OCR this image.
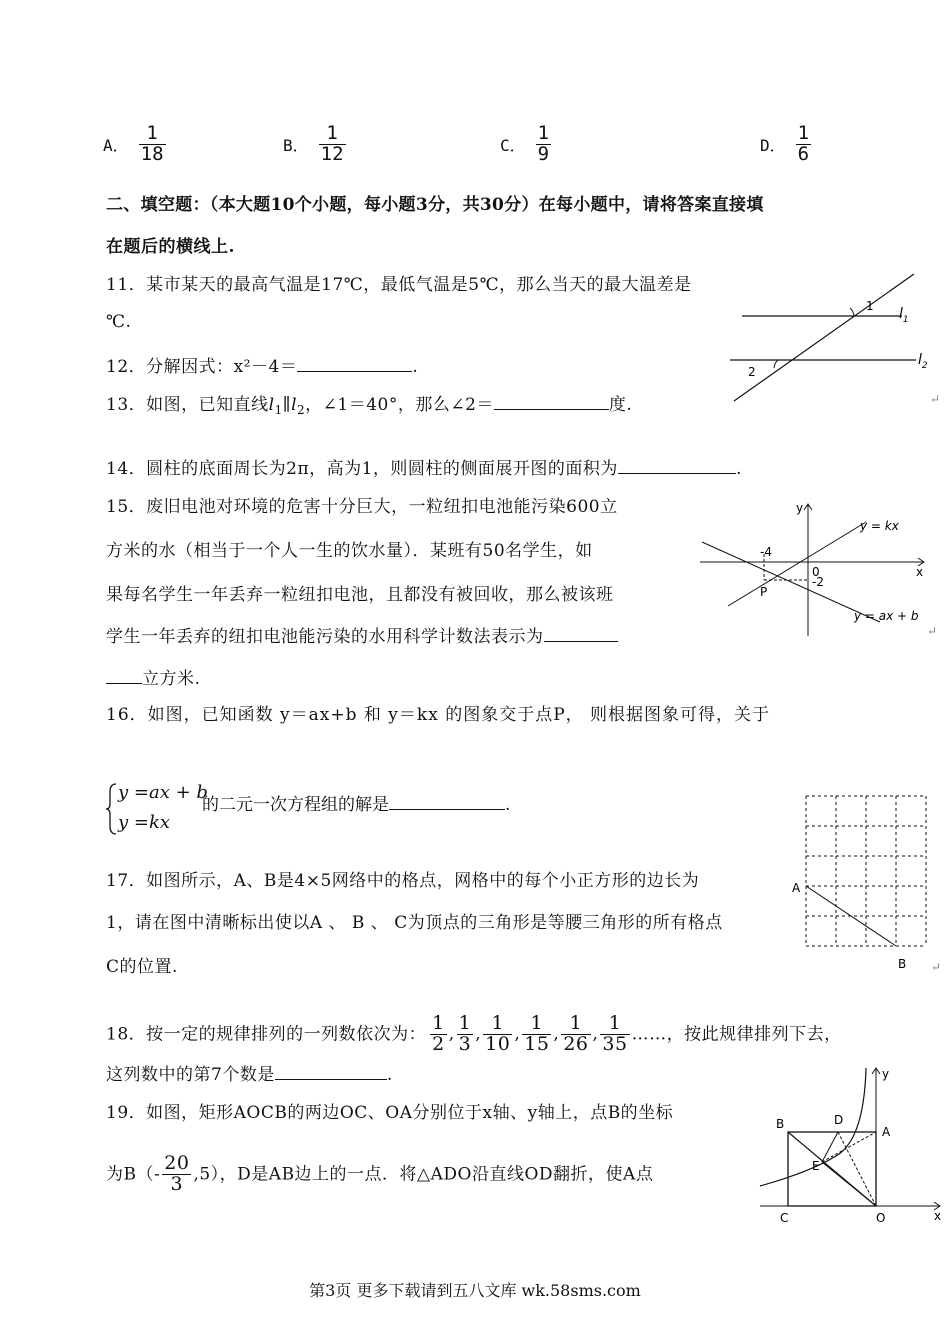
A． $\frac{1}{18}$	B． $\frac{1}{12}$	C． $\frac{1}{9}$	D． $\frac{1}{6}$
二、填空题：（本大题10个小题，每小题3分，共30分）在每小题中，请将答案直接填
在题后的横线上.
11．某市某天的最高气温是17℃，最低气温是5℃，那么当天的最大温差是
℃.
12．分解因式：x²－4＝	.
13．如图，已知直线$l_1\parallel l_2$，∠1＝40°，那么∠2＝	度.
1
2
$l_1$
$l_2$
↵
14．圆柱的底面周长为2π，高为1，则圆柱的侧面展开图的面积为	.
15．废旧电池对环境的危害十分巨大，一粒纽扣电池能污染600立
方米的水（相当于一个人一生的饮水量）．某班有50名学生，如
果每名学生一年丢弃一粒纽扣电池，且都没有被回收，那么被该班
学生一年丢弃的纽扣电池能污染的水用科学计数法表示为
立方米.
y
x
0
-4
-2
P
y = kx
y = ax + b
↵
16．如图，已知函数 y＝ax+b 和 y＝kx 的图象交于点P， 则根据图象可得，关于
y =ax + b
y =kx
的二元一次方程组的解是	.
17．如图所示，A、B是4×5网络中的格点，网格中的每个小正方形的边长为
1，请在图中清晰标出使以A 、 B 、 C为顶点的三角形是等腰三角形的所有格点
C的位置.
A
B ↵
18．按一定的规律排列的一列数依次为： $\frac{1}{2}$ , $\frac{1}{3}$ , $\frac{1}{10}$ , $\frac{1}{15}$ , $\frac{1}{26}$ , $\frac{1}{35}$ ……，按此规律排列下去，
这列数中的第7个数是	.
19．如图，矩形AOCB的两边OC、OA分别位于x轴、y轴上，点B的坐标
为$B(- \frac{20}{3} ,5)$，D是AB边上的一点．将△ADO沿直线OD翻折，使A点
B	D
A
E
C	O	x
y
第3页 更多下载请到五八文库 wk.58sms.com
